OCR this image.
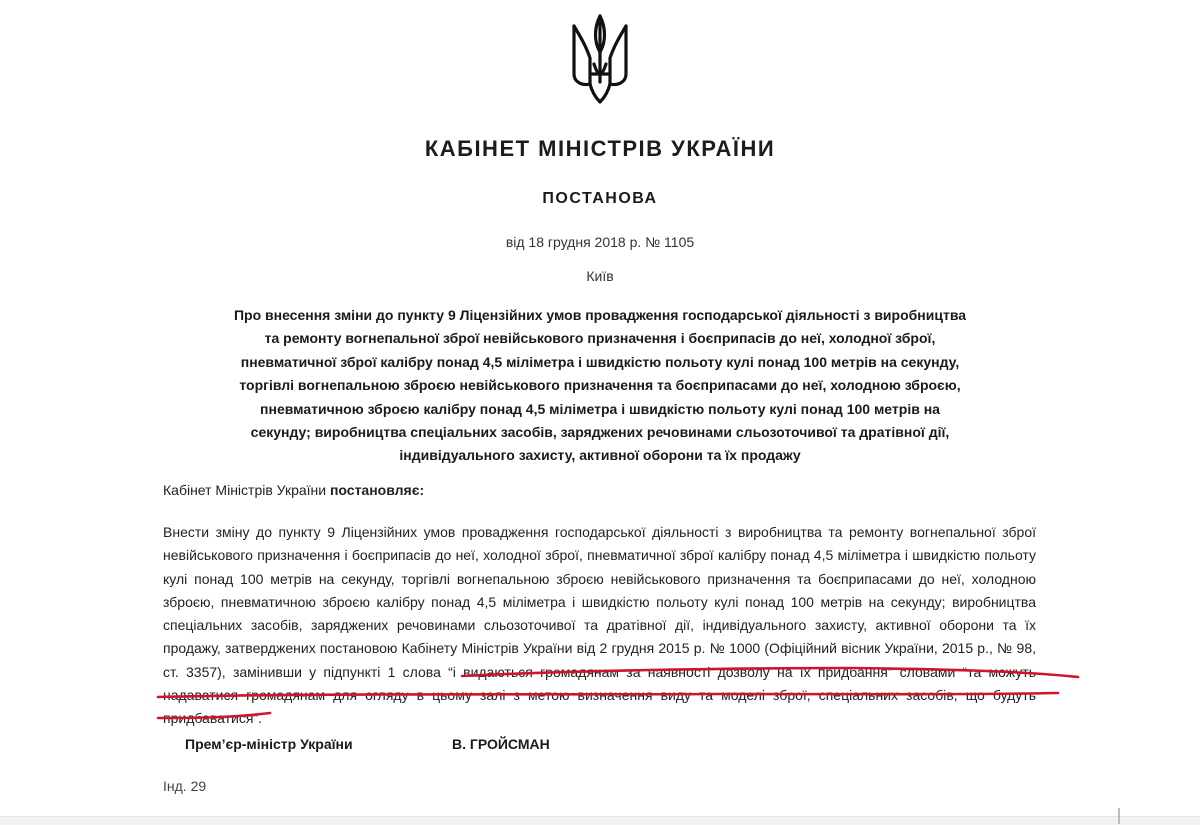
КАБІНЕТ МІНІСТРІВ УКРАЇНИ
ПОСТАНОВА
від 18 грудня 2018 р. № 1105
Київ
Про внесення зміни до пункту 9 Ліцензійних умов провадження господарської діяльності з виробництва та ремонту вогнепальної зброї невійськового призначення і боєприпасів до неї, холодної зброї, пневматичної зброї калібру понад 4,5 міліметра і швидкістю польоту кулі понад 100 метрів на секунду, торгівлі вогнепальною зброєю невійськового призначення та боєприпасами до неї, холодною зброєю, пневматичною зброєю калібру понад 4,5 міліметра і швидкістю польоту кулі понад 100 метрів на секунду; виробництва спеціальних засобів, заряджених речовинами сльозоточивої та дратівної дії, індивідуального захисту, активної оборони та їх продажу
Кабінет Міністрів України постановляє:
Внести зміну до пункту 9 Ліцензійних умов провадження господарської діяльності з виробництва та ремонту вогнепальної зброї невійськового призначення і боєприпасів до неї, холодної зброї, пневматичної зброї калібру понад 4,5 міліметра і швидкістю польоту кулі понад 100 метрів на секунду, торгівлі вогнепальною зброєю невійськового призначення та боєприпасами до неї, холодною зброєю, пневматичною зброєю калібру понад 4,5 міліметра і швидкістю польоту кулі понад 100 метрів на секунду; виробництва спеціальних засобів, заряджених речовинами сльозоточивої та дратівної дії, індивідуального захисту, активної оборони та їх продажу, затверджених постановою Кабінету Міністрів України від 2 грудня 2015 р. № 1000 (Офіційний вісник України, 2015 р., № 98, ст. 3357), замінивши у підпункті 1 слова “і видаються громадянам за наявності дозволу на їх придбання” словами “та можуть надаватися громадянам для огляду в цьому залі з метою визначення виду та моделі зброї, спеціальних засобів, що будуть придбаватися”.
Прем’єр-міністр України	В. ГРОЙСМАН
Інд. 29
